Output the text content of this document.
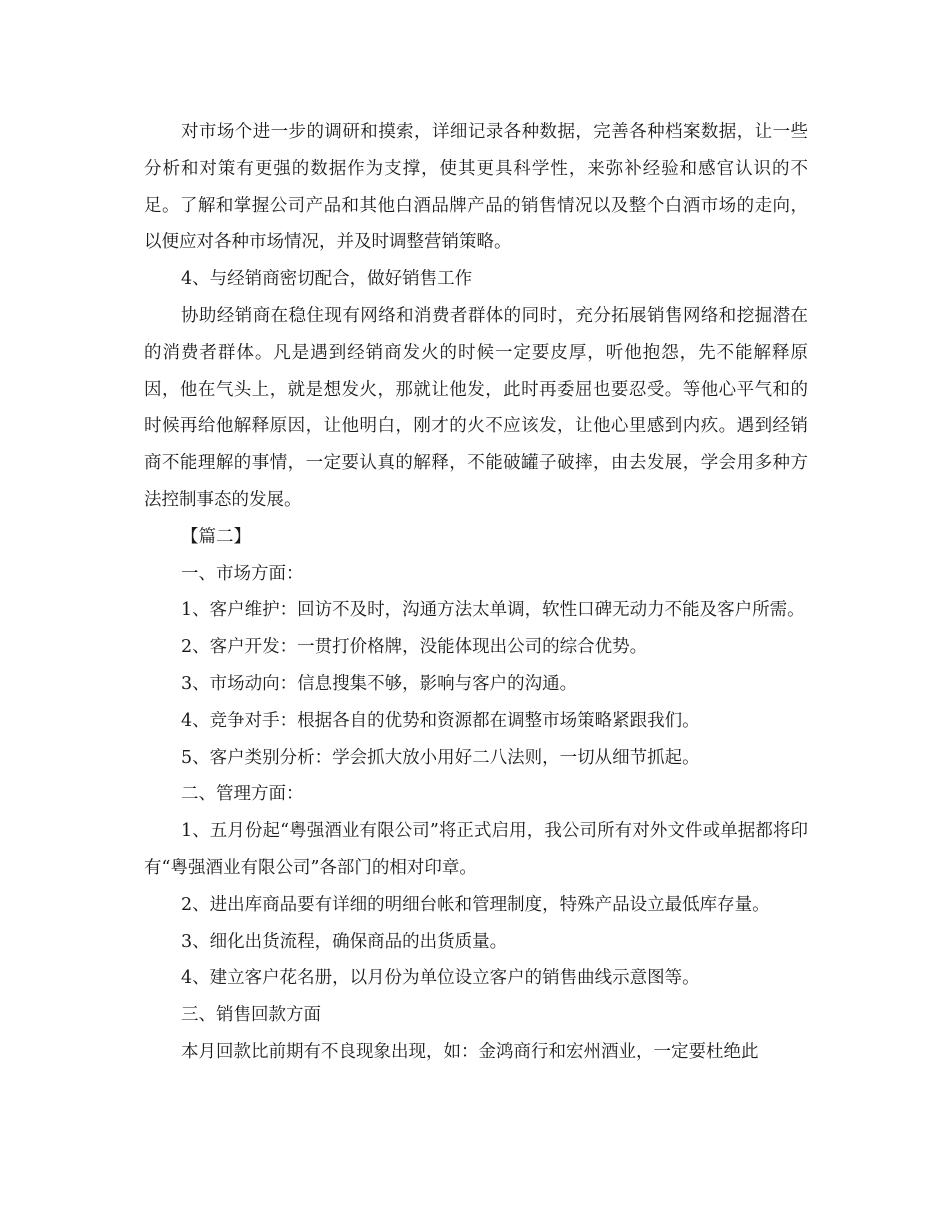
对市场个进一步的调研和摸索，详细记录各种数据，完善各种档案数据，让一些分析和对策有更强的数据作为支撑，使其更具科学性，来弥补经验和感官认识的不足。了解和掌握公司产品和其他白酒品牌产品的销售情况以及整个白酒市场的走向，以便应对各种市场情况，并及时调整营销策略。

4、与经销商密切配合，做好销售工作

协助经销商在稳住现有网络和消费者群体的同时，充分拓展销售网络和挖掘潜在的消费者群体。凡是遇到经销商发火的时候一定要皮厚，听他抱怨，先不能解释原因，他在气头上，就是想发火，那就让他发，此时再委屈也要忍受。等他心平气和的时候再给他解释原因，让他明白，刚才的火不应该发，让他心里感到内疚。遇到经销商不能理解的事情，一定要认真的解释，不能破罐子破摔，由去发展，学会用多种方法控制事态的发展。

【篇二】

一、市场方面：

1、客户维护：回访不及时，沟通方法太单调，软性口碑无动力不能及客户所需。

2、客户开发：一贯打价格牌，没能体现出公司的综合优势。

3、市场动向：信息搜集不够，影响与客户的沟通。

4、竞争对手：根据各自的优势和资源都在调整市场策略紧跟我们。

5、客户类别分析：学会抓大放小用好二八法则，一切从细节抓起。

二、管理方面：

1、五月份起“粤强酒业有限公司”将正式启用，我公司所有对外文件或单据都将印有“粤强酒业有限公司”各部门的相对印章。

2、进出库商品要有详细的明细台帐和管理制度，特殊产品设立最低库存量。

3、细化出货流程，确保商品的出货质量。

4、建立客户花名册，以月份为单位设立客户的销售曲线示意图等。

三、销售回款方面

本月回款比前期有不良现象出现，如：金鸿商行和宏州酒业，一定要杜绝此
